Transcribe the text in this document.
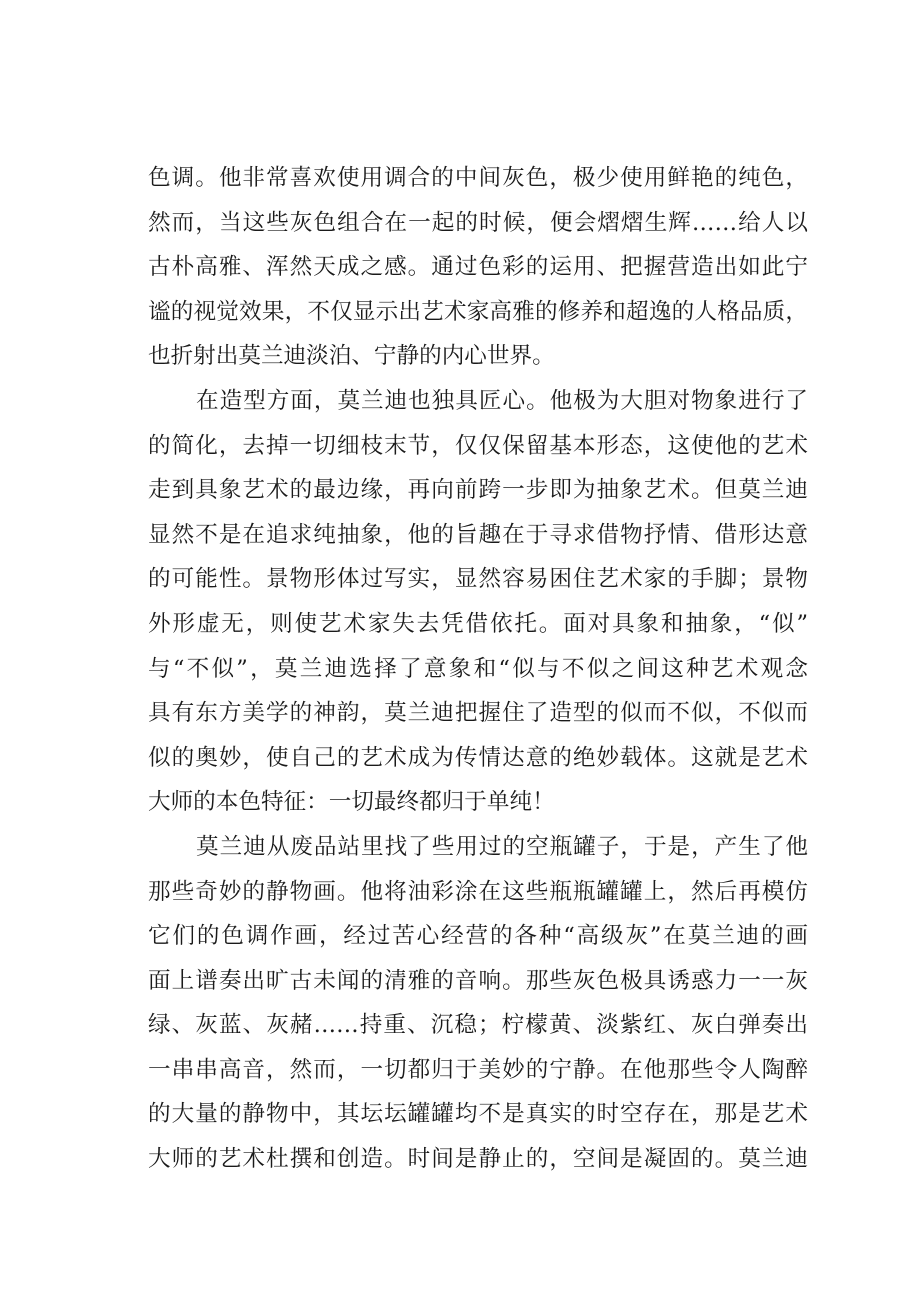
色调。他非常喜欢使用调合的中间灰色，极少使用鲜艳的纯色，
然而，当这些灰色组合在一起的时候，便会熠熠生辉……给人以
古朴高雅、浑然天成之感。通过色彩的运用、把握营造出如此宁
谧的视觉效果，不仅显示出艺术家高雅的修养和超逸的人格品质，
也折射出莫兰迪淡泊、宁静的内心世界。
在造型方面，莫兰迪也独具匠心。他极为大胆对物象进行了
的简化，去掉一切细枝末节，仅仅保留基本形态，这使他的艺术
走到具象艺术的最边缘，再向前跨一步即为抽象艺术。但莫兰迪
显然不是在追求纯抽象，他的旨趣在于寻求借物抒情、借形达意
的可能性。景物形体过写实，显然容易困住艺术家的手脚；景物
外形虚无，则使艺术家失去凭借依托。面对具象和抽象，“似”
与“不似”，莫兰迪选择了意象和“似与不似之间这种艺术观念
具有东方美学的神韵，莫兰迪把握住了造型的似而不似，不似而
似的奥妙，使自己的艺术成为传情达意的绝妙载体。这就是艺术
大师的本色特征：一切最终都归于单纯！
莫兰迪从废品站里找了些用过的空瓶罐子，于是，产生了他
那些奇妙的静物画。他将油彩涂在这些瓶瓶罐罐上，然后再模仿
它们的色调作画，经过苦心经营的各种“高级灰”在莫兰迪的画
面上谱奏出旷古未闻的清雅的音响。那些灰色极具诱惑力一一灰
绿、灰蓝、灰赭……持重、沉稳；柠檬黄、淡紫红、灰白弹奏出
一串串高音，然而，一切都归于美妙的宁静。在他那些令人陶醉
的大量的静物中，其坛坛罐罐均不是真实的时空存在，那是艺术
大师的艺术杜撰和创造。时间是静止的，空间是凝固的。莫兰迪
